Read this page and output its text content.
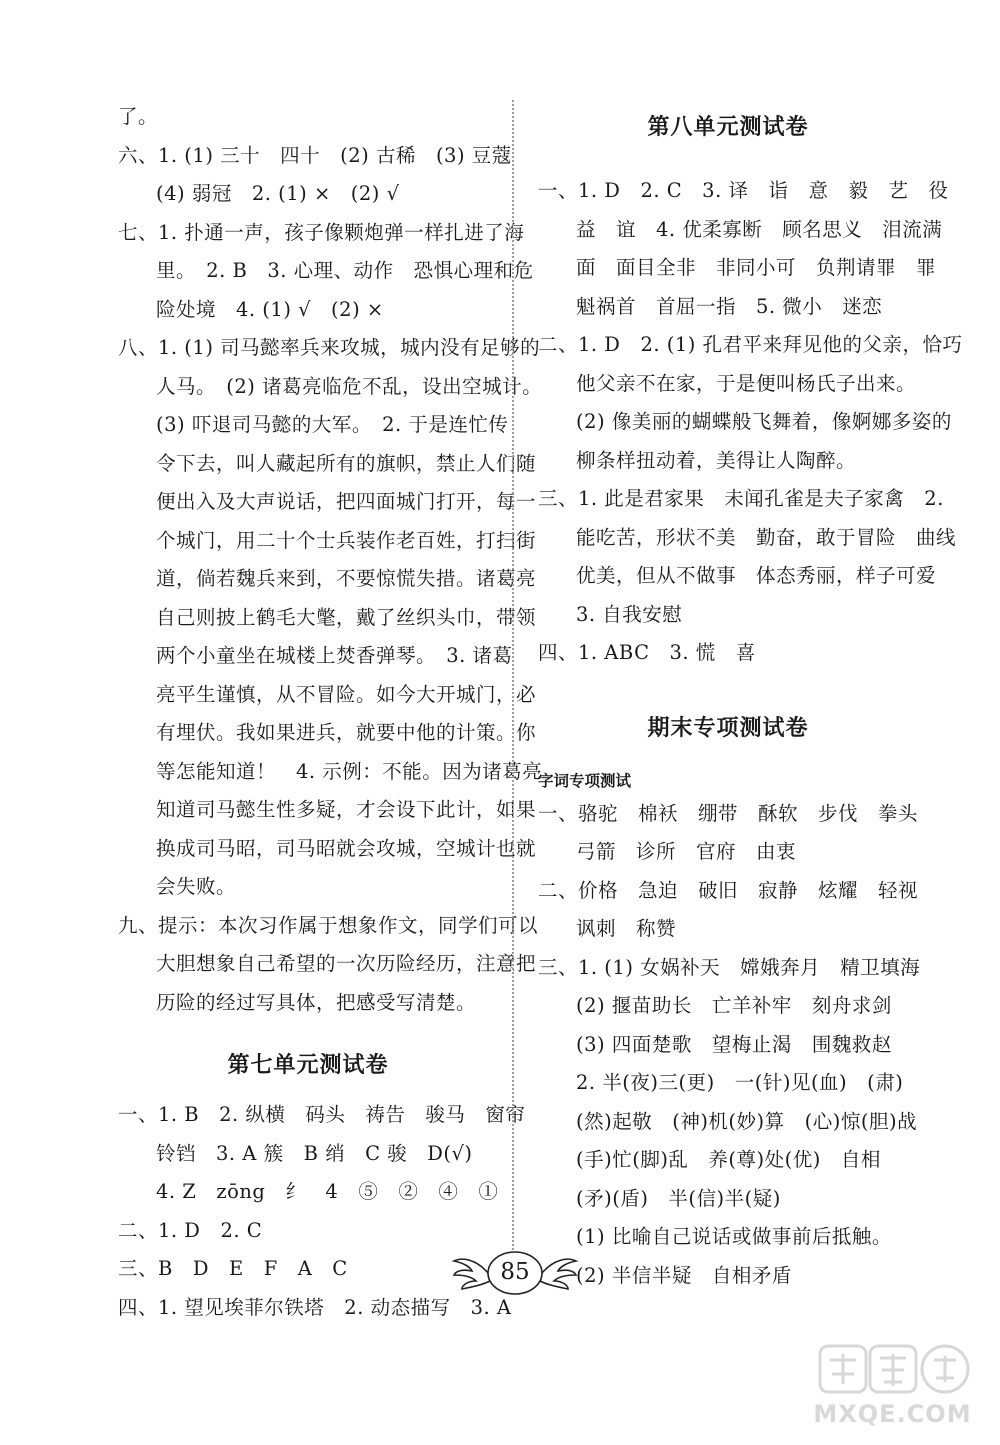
了。
六、1. (1) 三十　四十　(2) 古稀　(3) 豆蔻
(4) 弱冠　2. (1) ×　(2) √
七、1. 扑通一声，孩子像颗炮弹一样扎进了海
里。　2. B　3. 心理、动作　恐惧心理和危
险处境　4. (1) √　(2) ×
八、1. (1) 司马懿率兵来攻城，城内没有足够的
人马。　(2) 诸葛亮临危不乱，设出空城计。
(3) 吓退司马懿的大军。　2. 于是连忙传
令下去，叫人藏起所有的旗帜，禁止人们随
便出入及大声说话，把四面城门打开，每一
个城门，用二十个士兵装作老百姓，打扫街
道，倘若魏兵来到，不要惊慌失措。诸葛亮
自己则披上鹤毛大氅，戴了丝织头巾，带领
两个小童坐在城楼上焚香弹琴。　3. 诸葛
亮平生谨慎，从不冒险。如今大开城门，必
有埋伏。我如果进兵，就要中他的计策。你
等怎能知道！　4. 示例：不能。因为诸葛亮
知道司马懿生性多疑，才会设下此计，如果
换成司马昭，司马昭就会攻城，空城计也就
会失败。
九、提示：本次习作属于想象作文，同学们可以
大胆想象自己希望的一次历险经历，注意把
历险的经过写具体，把感受写清楚。
第七单元测试卷
一、1. B　2. 纵横　码头　祷告　骏马　窗帘
铃铛　3. A 簇　B 绡　C 骏　D(√)
4. Z　zōng　纟　4　⑤　②　④　①
二、1. D　2. C
三、B　D　E　F　A　C
四、1. 望见埃菲尔铁塔　2. 动态描写　3. A
第八单元测试卷
一、1. D　2. C　3. 译　诣　意　毅　艺　役
益　谊　4. 优柔寡断　顾名思义　泪流满
面　面目全非　非同小可　负荆请罪　罪
魁祸首　首屈一指　5. 微小　迷恋
二、1. D　2. (1) 孔君平来拜见他的父亲，恰巧
他父亲不在家，于是便叫杨氏子出来。
(2) 像美丽的蝴蝶般飞舞着，像婀娜多姿的
柳条样扭动着，美得让人陶醉。
三、1. 此是君家果　未闻孔雀是夫子家禽　2.
能吃苦，形状不美　勤奋，敢于冒险　曲线
优美，但从不做事　体态秀丽，样子可爱
3. 自我安慰
四、1. ABC　3. 慌　喜
期末专项测试卷
字词专项测试
一、骆驼　棉袄　绷带　酥软　步伐　拳头
弓箭　诊所　官府　由衷
二、价格　急迫　破旧　寂静　炫耀　轻视
讽刺　称赞
三、1. (1) 女娲补天　嫦娥奔月　精卫填海
(2) 揠苗助长　亡羊补牢　刻舟求剑
(3) 四面楚歌　望梅止渴　围魏救赵
2. 半(夜)三(更)　一(针)见(血)　(肃)
(然)起敬　(神)机(妙)算　(心)惊(胆)战
(手)忙(脚)乱　养(尊)处(优)　自相
(矛)(盾)　半(信)半(疑)
(1) 比喻自己说话或做事前后抵触。
(2) 半信半疑　自相矛盾
85
MXQE.COM
